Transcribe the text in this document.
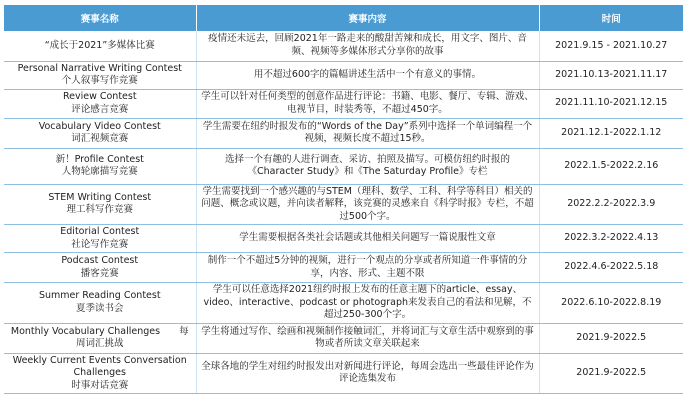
赛事名称	赛事内容	时间

“成长于2021”多媒体比赛	疫情还未远去，回顾2021年一路走来的酸甜苦辣和成长，用文字、图片、音频、视频等多媒体形式分享你的故事	2021.9.15 - 2021.10.27

Personal Narrative Writing Contest
个人叙事写作竞赛	用不超过600字的篇幅讲述生活中一个有意义的事情。	2021.10.13-2021.11.17

Review Contest
评论感言竞赛	学生可以针对任何类型的创意作品进行评论：书籍、电影、餐厅、专辑、游戏、电视节目，时装秀等，不超过450字。	2021.11.10-2021.12.15

Vocabulary Video Contest
词汇视频竞赛	学生需要在纽约时报发布的“Words of the Day”系列中选择一个单词编程一个视频，视频长度不超过15秒。	2021.12.1-2022.1.12

新！Profile Contest
人物轮廓描写竞赛	选择一个有趣的人进行调查、采访、拍照及描写。可模仿纽约时报的《Character Study》和《The Saturday Profile》专栏	2022.1.5-2022.2.16

STEM Writing Contest
理工科写作竞赛	学生需要找到一个感兴趣的与STEM（理科、数学、工科、科学等科目）相关的问题、概念或议题，并向读者解释，该竞赛的灵感来自《科学时报》专栏，不超过500个字。	2022.2.2-2022.3.9

Editorial Contest
社论写作竞赛	学生需要根据各类社会话题或其他相关问题写一篇说服性文章	2022.3.2-2022.4.13

Podcast Contest
播客竞赛	制作一个不超过5分钟的视频，进行一个观点的分享或者所知道一件事情的分享，内容、形式、主题不限	2022.4.6-2022.5.18

Summer Reading Contest
夏季读书会	学生可以任意选择2021纽约时报上发布的任意主题下的article、essay、video、interactive、podcast or photograph来发表自己的看法和见解，不超过250-300个字。	2022.6.10-2022.8.19

Monthly Vocabulary Challenges　　每
周词汇挑战	学生将通过写作、绘画和视频制作接触词汇，并将词汇与文章生活中观察到的事物或者所读文章关联起来	2021.9-2022.5

Weekly Current Events Conversation Challenges
时事对话竞赛	全球各地的学生对纽约时报发出对新闻进行评论，每周会选出一些最佳评论作为评论选集发布	2021.9-2022.5
